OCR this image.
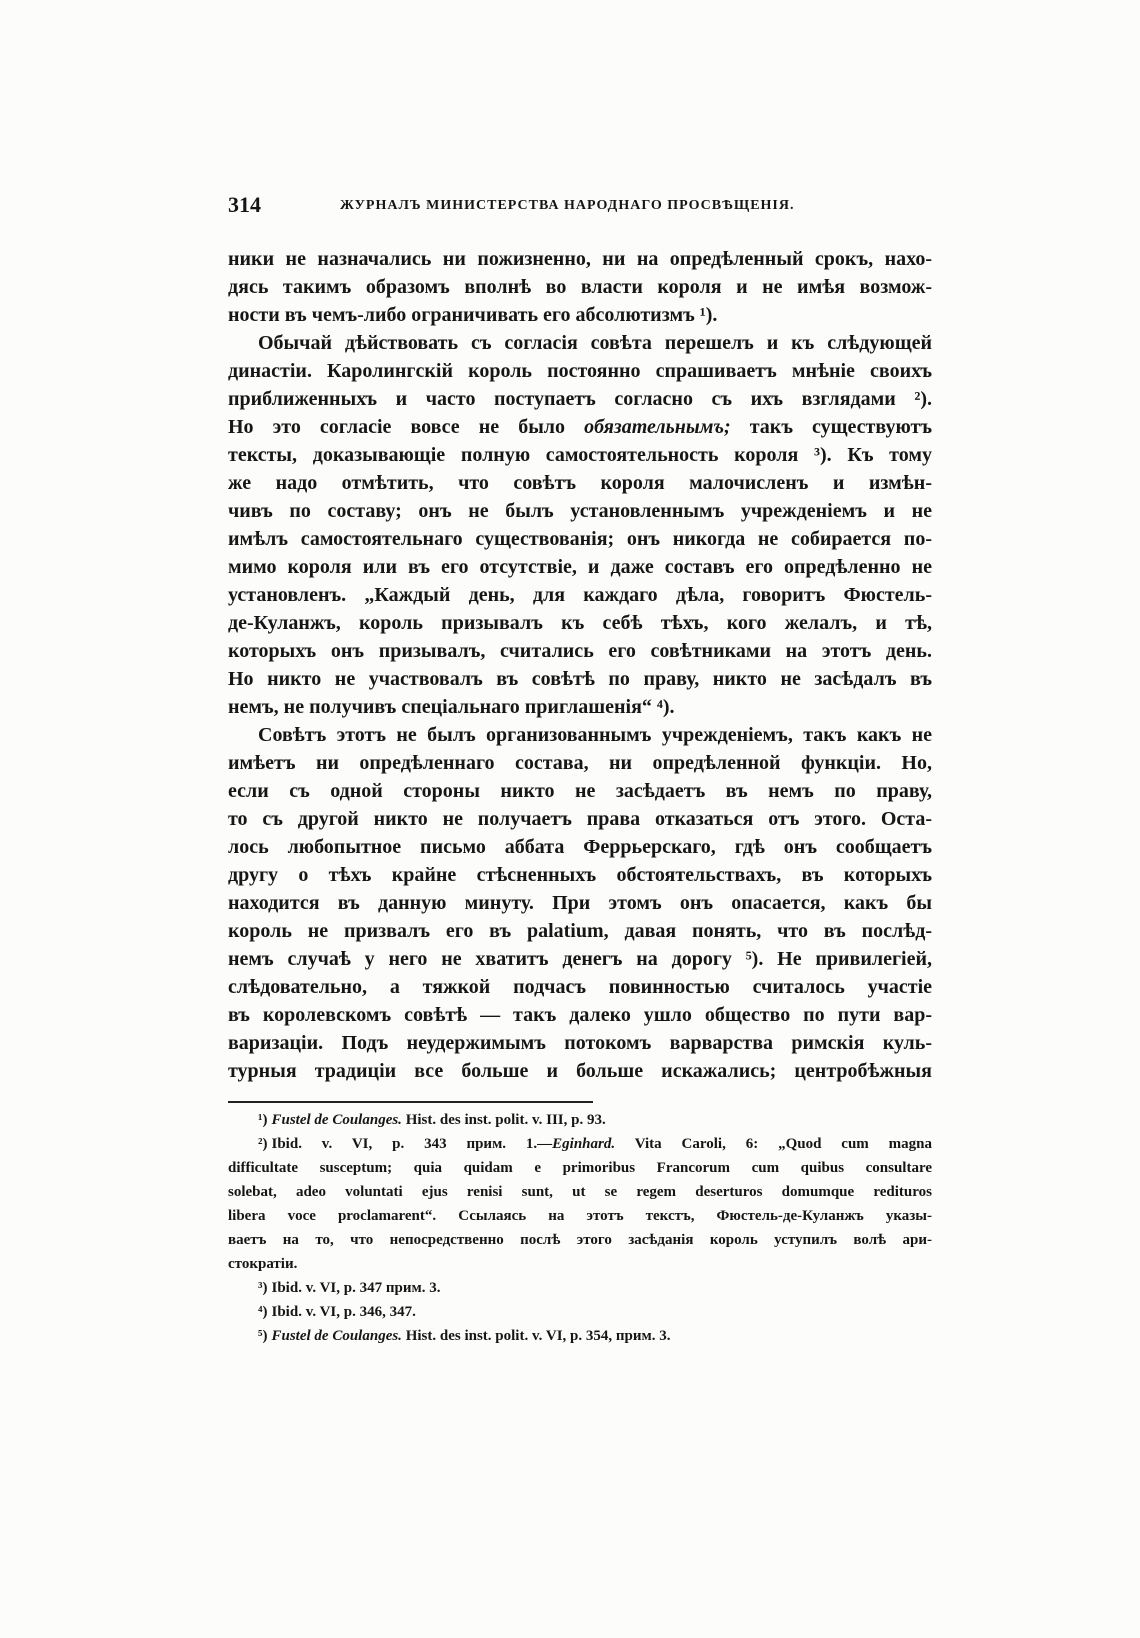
314	ЖУРНАЛЪ МИНИСТЕРСТВА НАРОДНАГО ПРОСВѢЩЕНІЯ.
ники не назначались ни пожизненно, ни на опредѣленный срокъ, нахо-
дясь такимъ образомъ вполнѣ во власти короля и не имѣя возмож-
ности въ чемъ-либо ограничивать его абсолютизмъ ¹).
Обычай дѣйствовать съ согласія совѣта перешелъ и къ слѣдующей
династіи. Каролингскій король постоянно спрашиваетъ мнѣніе своихъ
приближенныхъ и часто поступаетъ согласно съ ихъ взглядами ²).
Но это согласіе вовсе не было обязательнымъ; такъ существуютъ
тексты, доказывающіе полную самостоятельность короля ³). Къ тому
же надо отмѣтить, что совѣтъ короля малочисленъ и измѣн-
чивъ по составу; онъ не былъ установленнымъ учрежденіемъ и не
имѣлъ самостоятельнаго существованія; онъ никогда не собирается по-
мимо короля или въ его отсутствіе, и даже составъ его опредѣленно не
установленъ. „Каждый день, для каждаго дѣла, говоритъ Фюстель-
де-Куланжъ, король призывалъ къ себѣ тѣхъ, кого желалъ, и тѣ,
которыхъ онъ призывалъ, считались его совѣтниками на этотъ день.
Но никто не участвовалъ въ совѣтѣ по праву, никто не засѣдалъ въ
немъ, не получивъ спеціальнаго приглашенія“ ⁴).
Совѣтъ этотъ не былъ организованнымъ учрежденіемъ, такъ какъ не
имѣетъ ни опредѣленнаго состава, ни опредѣленной функціи. Но,
если съ одной стороны никто не засѣдаетъ въ немъ по праву,
то съ другой никто не получаетъ права отказаться отъ этого. Оста-
лось любопытное письмо аббата Феррьерскаго, гдѣ онъ сообщаетъ
другу о тѣхъ крайне стѣсненныхъ обстоятельствахъ, въ которыхъ
находится въ данную минуту. При этомъ онъ опасается, какъ бы
король не призвалъ его въ palatium, давая понять, что въ послѣд-
немъ случаѣ у него не хватитъ денегъ на дорогу ⁵). Не привилегіей,
слѣдовательно, а тяжкой подчасъ повинностью считалось участіе
въ королевскомъ совѣтѣ — такъ далеко ушло общество по пути вар-
варизаціи. Подъ неудержимымъ потокомъ варварства римскія куль-
турныя традиціи все больше и больше искажались; центробѣжныя
¹) Fustel de Coulanges. Hist. des inst. polit. v. III, p. 93.
²) Ibid. v. VI, p. 343 прим. 1.—Eginhard. Vita Caroli, 6: „Quod cum magna
difficultate susceptum; quia quidam e primoribus Francorum cum quibus consultare
solebat, adeo voluntati ejus renisi sunt, ut se regem deserturos domumque redituros
libera voce proclamarent“. Ссылаясь на этотъ текстъ, Фюстель-де-Куланжъ указы-
ваетъ на то, что непосредственно послѣ этого засѣданія король уступилъ волѣ ари-
стократіи.
³) Ibid. v. VI, p. 347 прим. 3.
⁴) Ibid. v. VI, p. 346, 347.
⁵) Fustel de Coulanges. Hist. des inst. polit. v. VI, p. 354, прим. 3.
